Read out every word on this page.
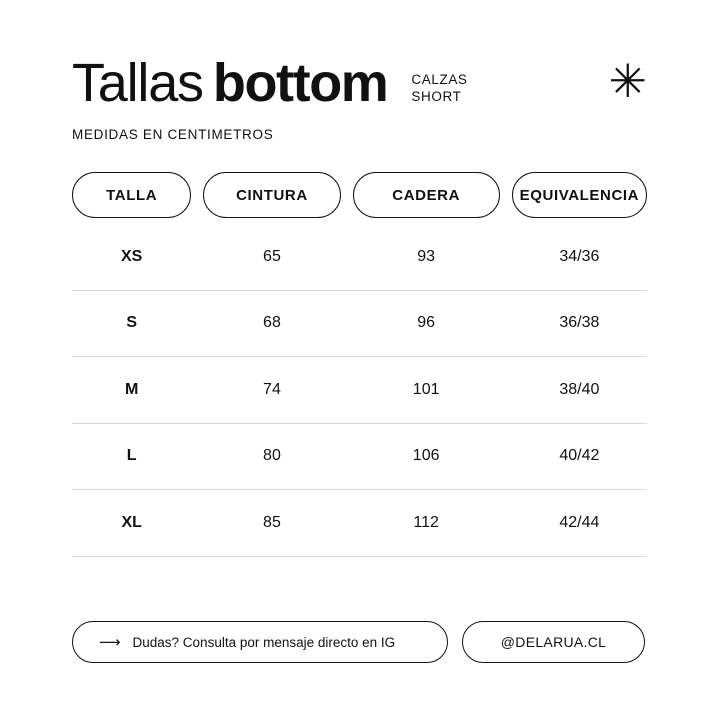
Tallas bottom CALZAS
SHORT	✳
MEDIDAS EN CENTIMETROS
TALLA	CINTURA	CADERA	EQUIVALENCIA
XS	65	93	34/36
S	68	96	36/38
M	74	101	38/40
L	80	106	40/42
XL	85	112	42/44
⟶ Dudas? Consulta por mensaje directo en IG	@DELARUA.CL
